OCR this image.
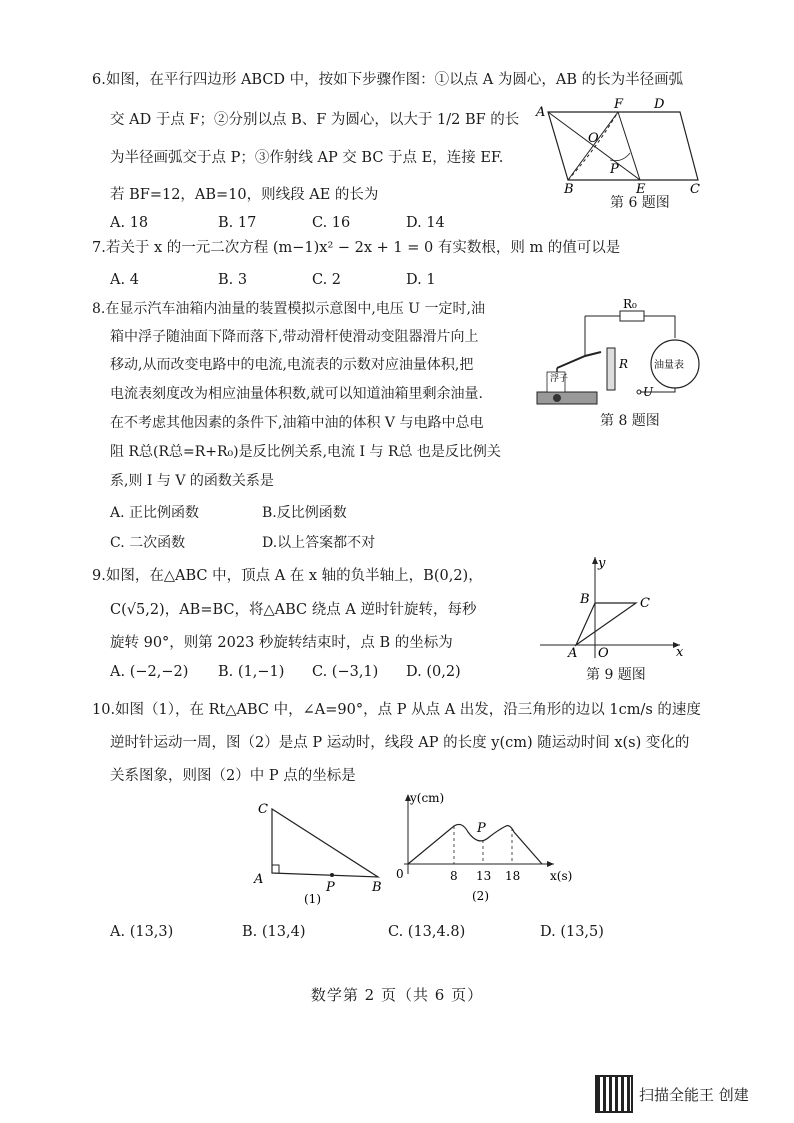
6.如图，在平行四边形 ABCD 中，按如下步骤作图：①以点 A 为圆心，AB 的长为半径画弧
交 AD 于点 F；②分别以点 B、F 为圆心，以大于 1/2 BF 的长
为半径画弧交于点 P；③作射线 AP 交 BC 于点 E，连接 EF.
若 BF=12，AB=10，则线段 AE 的长为
A. 18	B. 17	C. 16	D. 14
A
F D
O
P
B	E	C
第 6 题图
7.若关于 x 的一元二次方程 (m−1)x² − 2x + 1 = 0 有实数根，则 m 的值可以是
A. 4	B. 3	C. 2	D. 1
8.在显示汽车油箱内油量的装置模拟示意图中,电压 U 一定时,油
箱中浮子随油面下降而落下,带动滑杆使滑动变阻器滑片向上
移动,从而改变电路中的电流,电流表的示数对应油量体积,把
电流表刻度改为相应油量体积数,就可以知道油箱里剩余油量.
在不考虑其他因素的条件下,油箱中油的体积 V 与电路中总电
阻 R总(R总=R+R₀)是反比例关系,电流 I 与 R总 也是反比例关
系,则 I 与 V 的函数关系是
A. 正比例函数	B.反比例函数
C. 二次函数	D.以上答案都不对
油量表
浮子
R₀
R
U
第 8 题图
9.如图，在△ABC 中，顶点 A 在 x 轴的负半轴上，B(0,2)，
C(√5,2)，AB=BC，将△ABC 绕点 A 逆时针旋转，每秒
旋转 90°，则第 2023 秒旋转结束时，点 B 的坐标为
A. (−2,−2) B. (1,−1) C. (−3,1) D. (0,2)
y
x
B	C
A O
第 9 题图
10.如图（1），在 Rt△ABC 中，∠A=90°，点 P 从点 A 出发，沿三角形的边以 1cm/s 的速度
逆时针运动一周，图（2）是点 P 运动时，线段 AP 的长度 y(cm) 随运动时间 x(s) 变化的
关系图象，则图（2）中 P 点的坐标是
C
A
P	B
(1)
y(cm)
x(s)
0
P
8 13 18
(2)
A. (13,3)	B. (13,4)	C. (13,4.8)	D. (13,5)
数学第 2 页（共 6 页）
扫描全能王 创建
